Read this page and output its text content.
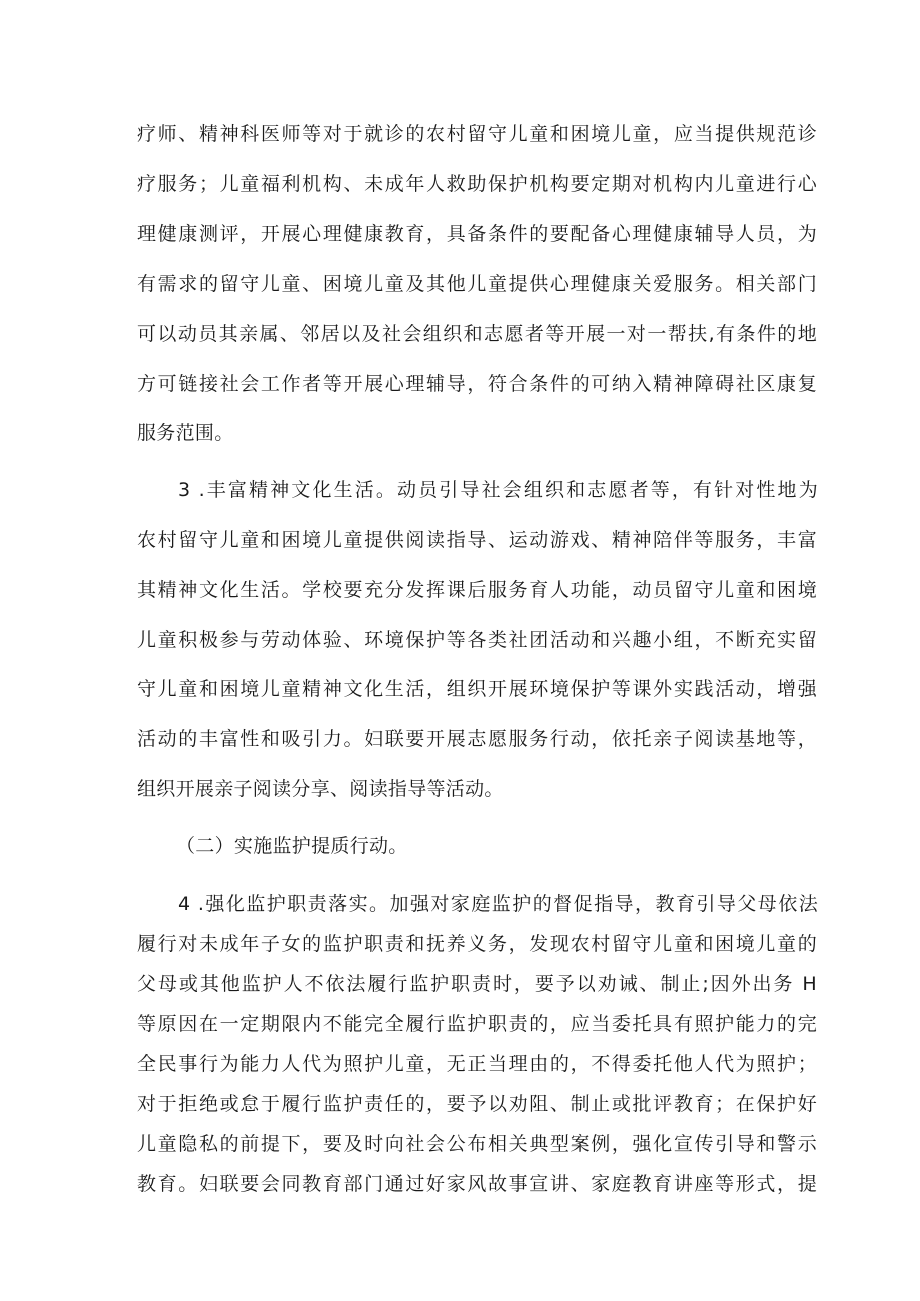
疗师、精神科医师等对于就诊的农村留守儿童和困境儿童，应当提供规范诊
疗服务；儿童福利机构、未成年人救助保护机构要定期对机构内儿童进行心
理健康测评，开展心理健康教育，具备条件的要配备心理健康辅导人员，为
有需求的留守儿童、困境儿童及其他儿童提供心理健康关爱服务。相关部门
可以动员其亲属、邻居以及社会组织和志愿者等开展一对一帮扶,有条件的地
方可链接社会工作者等开展心理辅导，符合条件的可纳入精神障碍社区康复
服务范围。
3 .丰富精神文化生活。动员引导社会组织和志愿者等，有针对性地为
农村留守儿童和困境儿童提供阅读指导、运动游戏、精神陪伴等服务，丰富
其精神文化生活。学校要充分发挥课后服务育人功能，动员留守儿童和困境
儿童积极参与劳动体验、环境保护等各类社团活动和兴趣小组，不断充实留
守儿童和困境儿童精神文化生活，组织开展环境保护等课外实践活动，增强
活动的丰富性和吸引力。妇联要开展志愿服务行动，依托亲子阅读基地等，
组织开展亲子阅读分享、阅读指导等活动。
（二）实施监护提质行动。
4 .强化监护职责落实。加强对家庭监护的督促指导，教育引导父母依法
履行对未成年子女的监护职责和抚养义务，发现农村留守儿童和困境儿童的
父母或其他监护人不依法履行监护职责时，要予以劝诫、制止;因外出务 H
等原因在一定期限内不能完全履行监护职责的，应当委托具有照护能力的完
全民事行为能力人代为照护儿童，无正当理由的，不得委托他人代为照护；
对于拒绝或怠于履行监护责任的，要予以劝阻、制止或批评教育；在保护好
儿童隐私的前提下，要及时向社会公布相关典型案例，强化宣传引导和警示
教育。妇联要会同教育部门通过好家风故事宣讲、家庭教育讲座等形式，提
